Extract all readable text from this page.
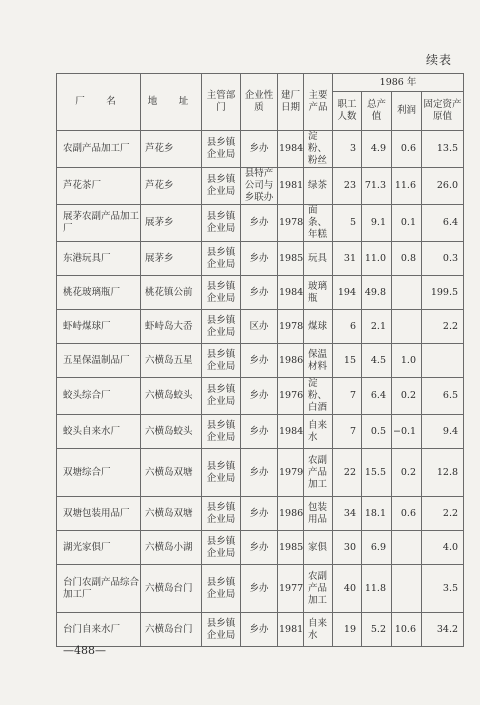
续表
厂　名	地　址	主管部门	企业性质	建厂日期	主要产品	1986 年			
						职工人数	总产值	利润	固定资产原值
农副产品加工厂	芦花乡	县乡镇企业局	乡办	1984	淀粉、粉丝	3	4.9	0.6	13.5
芦花茶厂	芦花乡	县乡镇企业局	县特产公司与乡联办	1981	绿茶	23	71.3	11.6	26.0
展茅农副产品加工厂	展茅乡	县乡镇企业局	乡办	1978	面条、年糕	5	9.1	0.1	6.4
东港玩具厂	展茅乡	县乡镇企业局	乡办	1985	玩具	31	11.0	0.8	0.3
桃花玻璃瓶厂	桃花镇公前	县乡镇企业局	乡办	1984	玻璃瓶	194	49.8		199.5
虾峙煤球厂	虾峙岛大岙	县乡镇企业局	区办	1978	煤球	6	2.1		2.2
五星保温制品厂	六横岛五星	县乡镇企业局	乡办	1986	保温材料	15	4.5	1.0	
蛟头综合厂	六横岛蛟头	县乡镇企业局	乡办	1976	淀粉、白酒	7	6.4	0.2	6.5
蛟头自来水厂	六横岛蛟头	县乡镇企业局	乡办	1984	自来水	7	0.5	−0.1	9.4
双塘综合厂	六横岛双塘	县乡镇企业局	乡办	1979	农副产品加工	22	15.5	0.2	12.8
双塘包装用品厂	六横岛双塘	县乡镇企业局	乡办	1986	包装用品	34	18.1	0.6	2.2
湖光家俱厂	六横岛小湖	县乡镇企业局	乡办	1985	家俱	30	6.9		4.0
台门农副产品综合加工厂	六横岛台门	县乡镇企业局	乡办	1977	农副产品加工	40	11.8		3.5
台门自来水厂	六横岛台门	县乡镇企业局	乡办	1981	自来水	19	5.2	10.6	34.2
—488—
